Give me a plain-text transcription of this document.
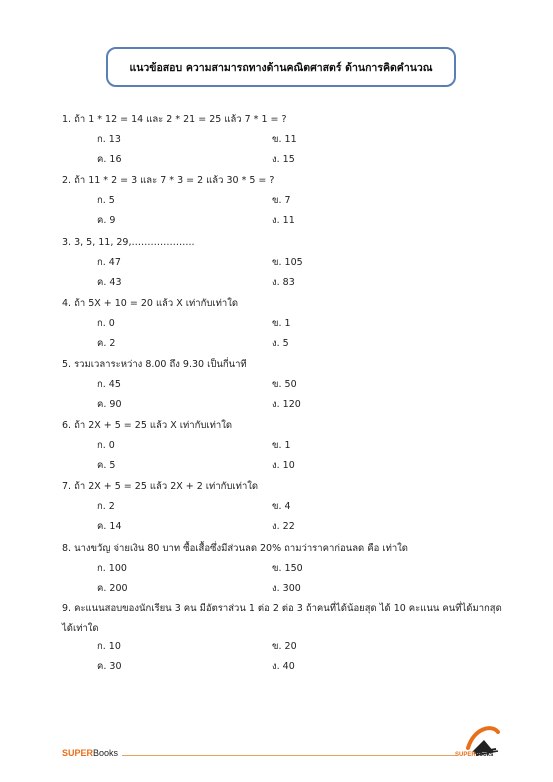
แนวข้อสอบ ความสามารถทางด้านคณิตศาสตร์ ด้านการคิดคำนวณ
1. ถ้า 1 * 12 = 14 และ 2 * 21 = 25 แล้ว 7 * 1 = ?
ก. 13	ข. 11
ค. 16	ง. 15
2. ถ้า 11 * 2 = 3 และ 7 * 3 = 2 แล้ว 30 * 5 = ?
ก. 5	ข. 7
ค. 9	ง. 11
3. 3, 5, 11, 29,………………..
ก. 47	ข. 105
ค. 43	ง. 83
4. ถ้า 5X + 10 = 20 แล้ว X เท่ากับเท่าใด
ก. 0	ข. 1
ค. 2	ง. 5
5. รวมเวลาระหว่าง 8.00 ถึง 9.30 เป็นกี่นาที
ก. 45	ข. 50
ค. 90	ง. 120
6. ถ้า 2X + 5 = 25 แล้ว X เท่ากับเท่าใด
ก. 0	ข. 1
ค. 5	ง. 10
7. ถ้า 2X + 5 = 25 แล้ว 2X + 2 เท่ากับเท่าใด
ก. 2	ข. 4
ค. 14	ง. 22
8. นางขวัญ จ่ายเงิน 80 บาท ซื้อเสื้อซึ่งมีส่วนลด 20% ถามว่าราคาก่อนลด คือ เท่าใด
ก. 100	ข. 150
ค. 200	ง. 300
9. คะแนนสอบของนักเรียน 3 คน มีอัตราส่วน 1 ต่อ 2 ต่อ 3 ถ้าคนที่ได้น้อยสุด ได้ 10 คะแนน คนที่ได้มากสุดได้เท่าใด
ก. 10	ข. 20
ค. 30	ง. 40
SUPERBooks	SUPERbooks
